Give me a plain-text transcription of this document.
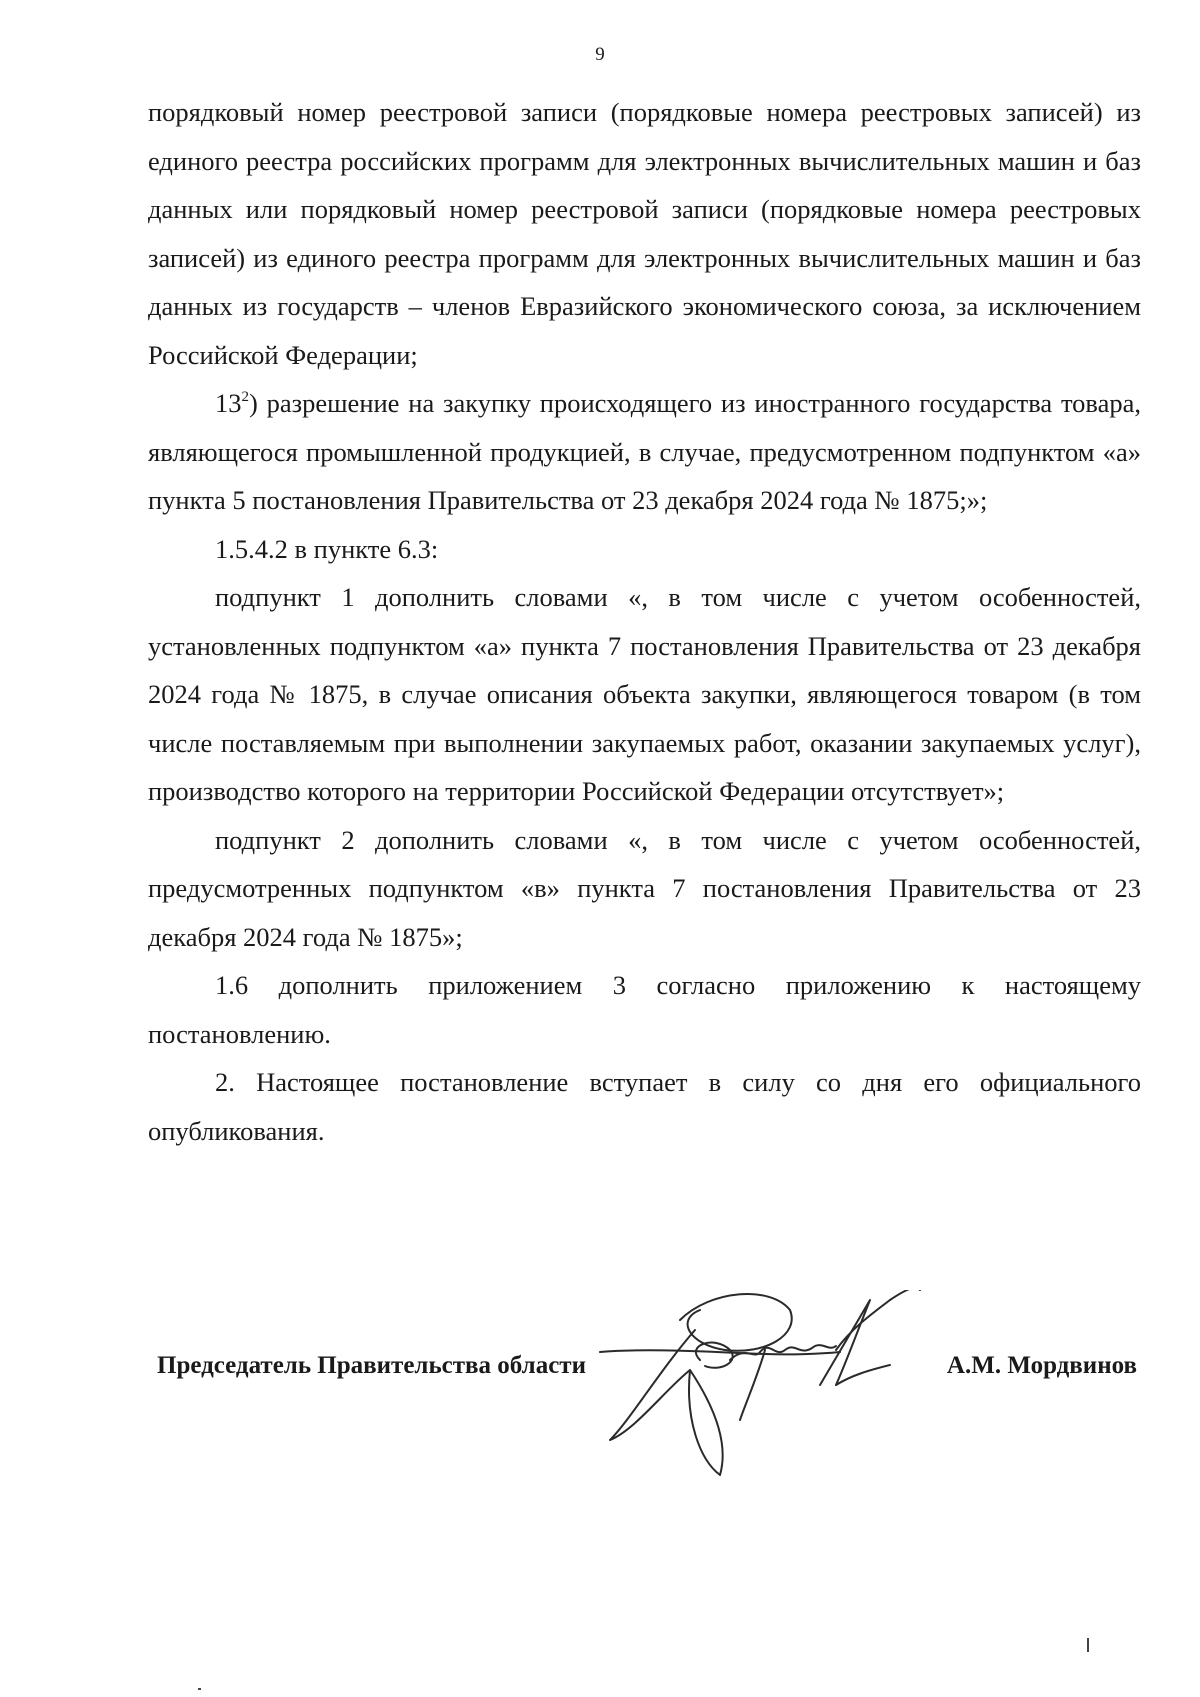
9

порядковый номер реестровой записи (порядковые номера реестровых записей) из единого реестра российских программ для электронных вычислительных машин и баз данных или порядковый номер реестровой записи (порядковые номера реестровых записей) из единого реестра программ для электронных вычислительных машин и баз данных из государств – членов Евразийского экономического союза, за исключением Российской Федерации;

$13^2$) разрешение на закупку происходящего из иностранного государства товара, являющегося промышленной продукцией, в случае, предусмотренном подпунктом «а» пункта 5 постановления Правительства от 23 декабря 2024 года № 1875;»;

1.5.4.2 в пункте 6.3:

подпункт 1 дополнить словами «, в том числе с учетом особенностей, установленных подпунктом «а» пункта 7 постановления Правительства от 23 декабря 2024 года № 1875, в случае описания объекта закупки, являющегося товаром (в том числе поставляемым при выполнении закупаемых работ, оказании закупаемых услуг), производство которого на территории Российской Федерации отсутствует»;

подпункт 2 дополнить словами «, в том числе с учетом особенностей, предусмотренных подпунктом «в» пункта 7 постановления Правительства от 23 декабря 2024 года № 1875»;

1.6 дополнить приложением 3 согласно приложению к настоящему постановлению.

2. Настоящее постановление вступает в силу со дня его официального опубликования.

Председатель Правительства области	А.М. Мордвинов
